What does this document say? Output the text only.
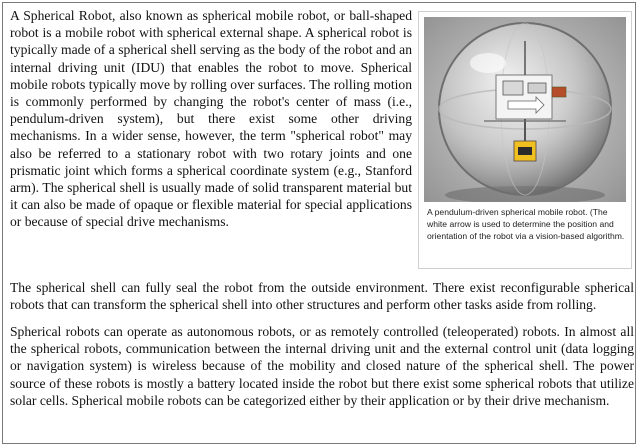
A Spherical Robot, also known as spherical mobile robot, or ball-shaped robot is a mobile robot with spherical external shape. A spherical robot is typically made of a spherical shell serving as the body of the robot and an internal driving unit (IDU) that enables the robot to move. Spherical mobile robots typically move by rolling over surfaces. The rolling motion is commonly performed by changing the robot's center of mass (i.e., pendulum-driven system), but there exist some other driving mechanisms. In a wider sense, however, the term "spherical robot" may also be referred to a stationary robot with two rotary joints and one prismatic joint which forms a spherical coordinate system (e.g., Stanford arm). The spherical shell is usually made of solid transparent material but it can also be made of opaque or flexible material for special applications or because of special drive mechanisms.

A pendulum-driven spherical mobile robot. (The white arrow is used to determine the position and orientation of the robot via a vision-based algorithm.

The spherical shell can fully seal the robot from the outside environment. There exist reconfigurable spherical robots that can transform the spherical shell into other structures and perform other tasks aside from rolling.

Spherical robots can operate as autonomous robots, or as remotely controlled (teleoperated) robots. In almost all the spherical robots, communication between the internal driving unit and the external control unit (data logging or navigation system) is wireless because of the mobility and closed nature of the spherical shell. The power source of these robots is mostly a battery located inside the robot but there exist some spherical robots that utilize solar cells. Spherical mobile robots can be categorized either by their application or by their drive mechanism.
